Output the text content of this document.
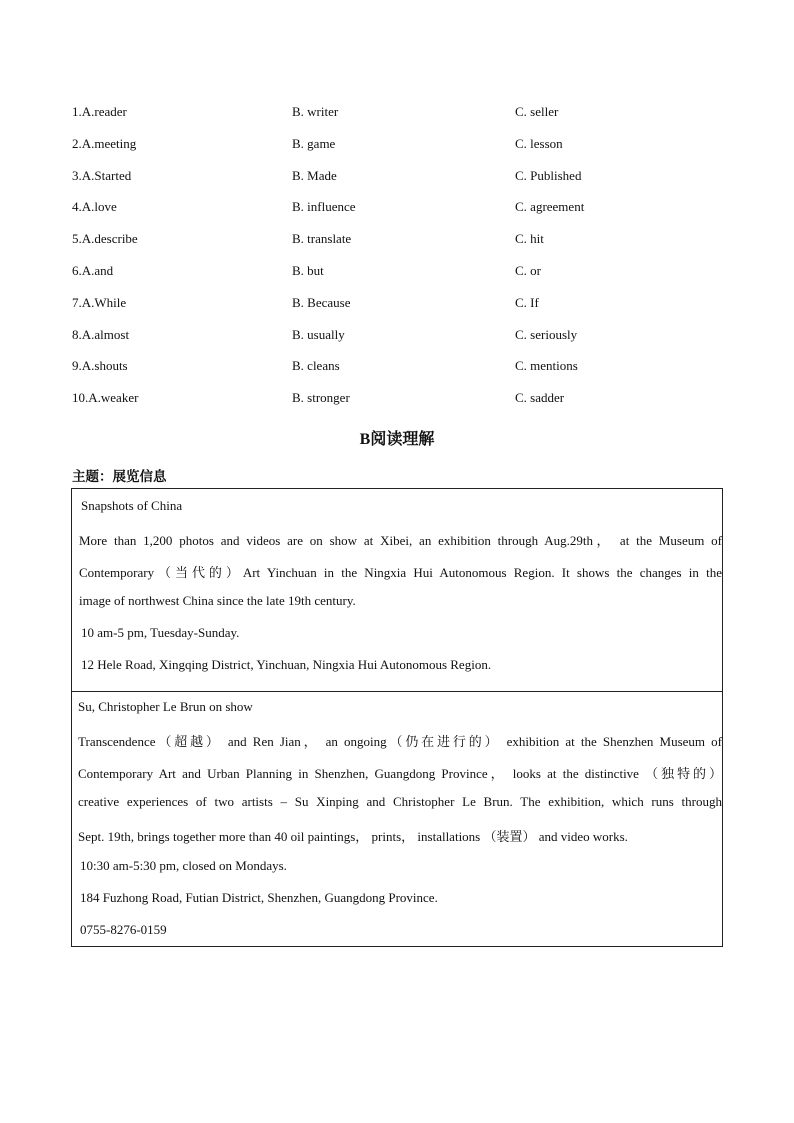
1.A.reader	B. writer	C. seller
2.A.meeting	B. game	C. lesson
3.A.Started	B. Made	C. Published
4.A.love	B. influence	C. agreement
5.A.describe	B. translate	C. hit
6.A.and	B. but	C. or
7.A.While	B. Because	C. If
8.A.almost	B. usually	C. seriously
9.A.shouts	B. cleans	C. mentions
10.A.weaker	B. stronger	C. sadder
B阅读理解
主题：展览信息
Snapshots of China
More than 1,200 photos and videos are on show at Xibei, an exhibition through Aug.29th， at the Museum of
Contemporary（当代的）Art Yinchuan in the Ningxia Hui Autonomous Region. It shows the changes in the
image of northwest China since the late 19th century.
10 am-5 pm, Tuesday-Sunday.
12 Hele Road, Xingqing District, Yinchuan, Ningxia Hui Autonomous Region.
Su, Christopher Le Brun on show
Transcendence（超越） and Ren Jian， an ongoing（仍在进行的） exhibition at the Shenzhen Museum of
Contemporary Art and Urban Planning in Shenzhen, Guangdong Province， looks at the distinctive （独特的）
creative experiences of two artists – Su Xinping and Christopher Le Brun. The exhibition, which runs through
Sept. 19th, brings together more than 40 oil paintings， prints， installations （装置） and video works.
10:30 am-5:30 pm, closed on Mondays.
184 Fuzhong Road, Futian District, Shenzhen, Guangdong Province.
0755-8276-0159
